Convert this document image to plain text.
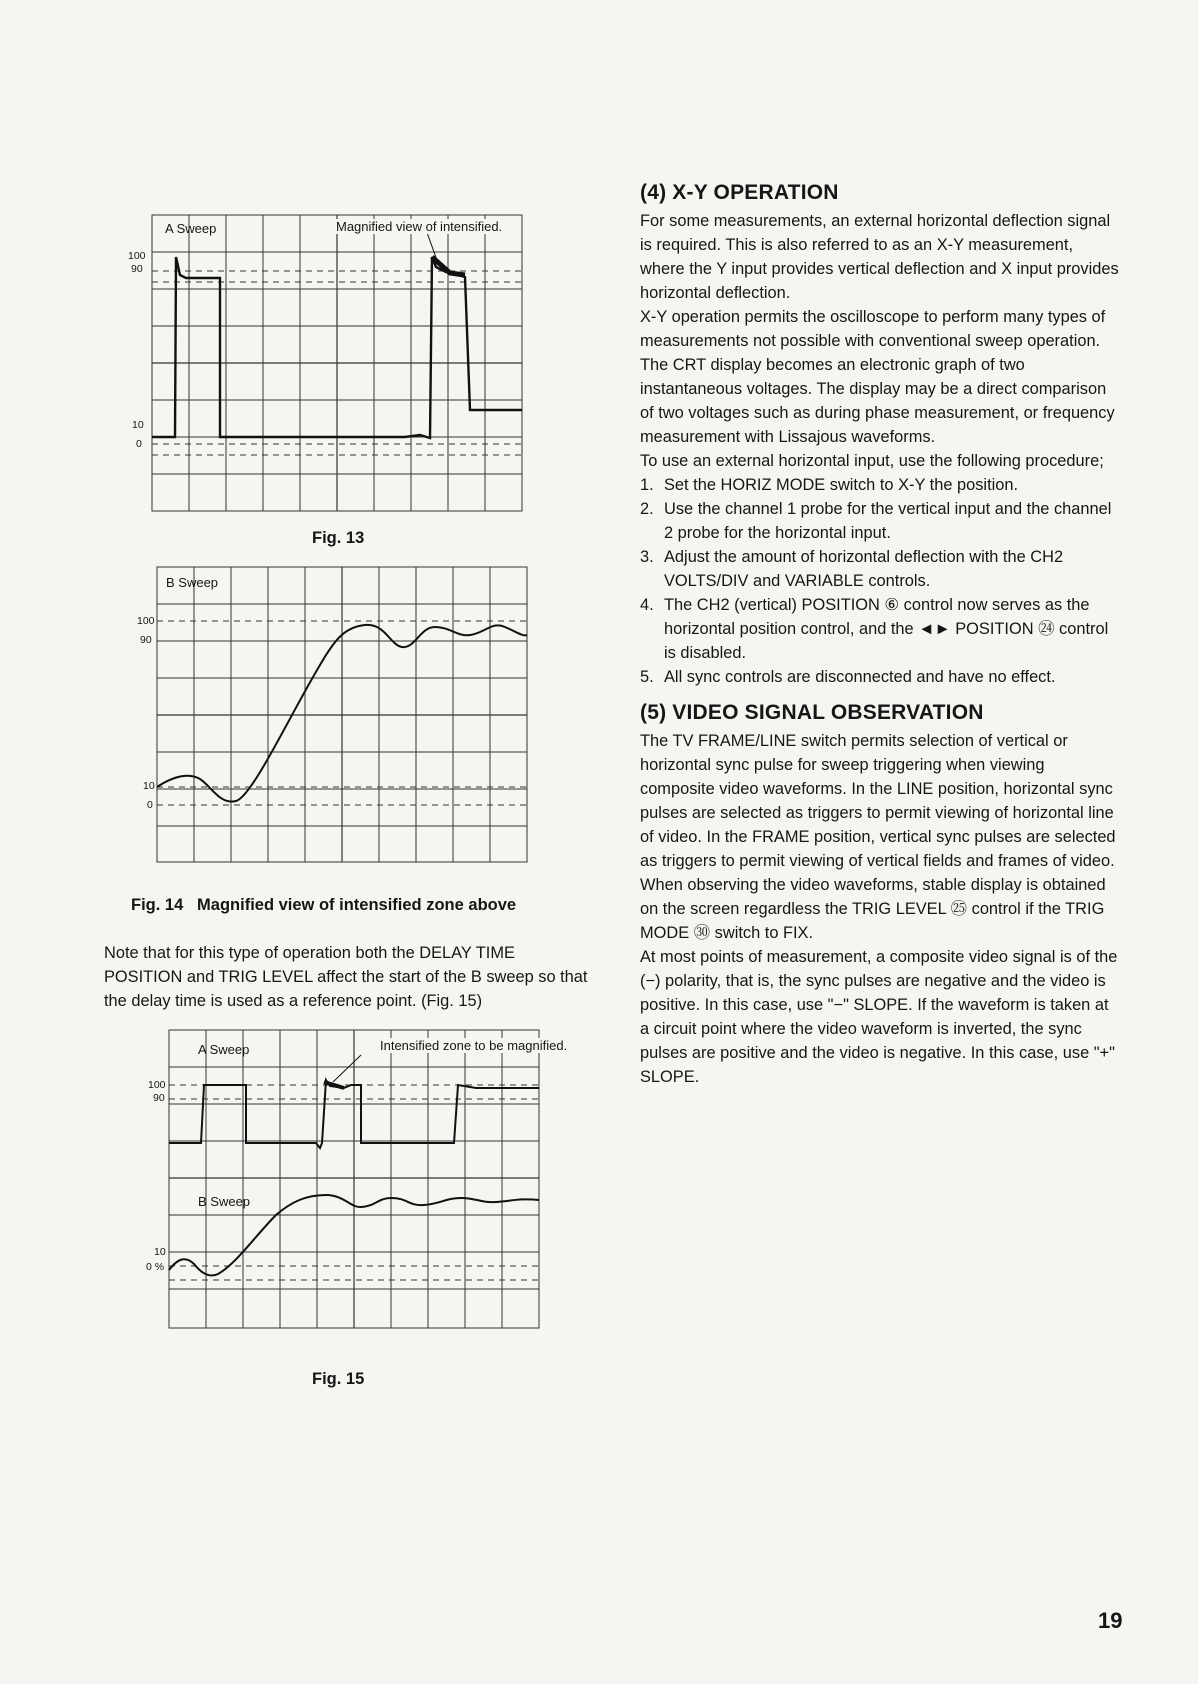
A Sweep	Magnified view of intensified.
100
90
10
0
Fig. 13
B Sweep
100
90
10
0
Fig. 14 Magnified view of intensified zone above
Note that for this type of operation both the DELAY TIME POSITION and TRIG LEVEL affect the start of the B sweep so that the delay time is used as a reference point. (Fig. 15)
A Sweep	Intensified zone to be magnified.
B Sweep
100
90
10
0 %
Fig. 15
(4) X-Y OPERATION
For some measurements, an external horizontal deflection signal is required. This is also referred to as an X-Y measurement, where the Y input provides vertical deflection and X input provides horizontal deflection.
X-Y operation permits the oscilloscope to perform many types of measurements not possible with conventional sweep operation. The CRT display becomes an electronic graph of two instantaneous voltages. The display may be a direct comparison of two voltages such as during phase measurement, or frequency measurement with Lissajous waveforms.
To use an external horizontal input, use the following procedure;
1. Set the HORIZ MODE switch to X-Y the position.
2. Use the channel 1 probe for the vertical input and the channel 2 probe for the horizontal input.
3. Adjust the amount of horizontal deflection with the CH2 VOLTS/DIV and VARIABLE controls.
4. The CH2 (vertical) POSITION ⑥ control now serves as the horizontal position control, and the ◄► POSITION ㉔ control is disabled.
5. All sync controls are disconnected and have no effect.
(5) VIDEO SIGNAL OBSERVATION
The TV FRAME/LINE switch permits selection of vertical or horizontal sync pulse for sweep triggering when viewing composite video waveforms. In the LINE position, horizontal sync pulses are selected as triggers to permit viewing of horizontal line of video. In the FRAME position, vertical sync pulses are selected as triggers to permit viewing of vertical fields and frames of video. When observing the video waveforms, stable display is obtained on the screen regardless the TRIG LEVEL ㉕ control if the TRIG MODE ㉚ switch to FIX.
At most points of measurement, a composite video signal is of the (−) polarity, that is, the sync pulses are negative and the video is positive. In this case, use "−" SLOPE. If the waveform is taken at a circuit point where the video waveform is inverted, the sync pulses are positive and the video is negative. In this case, use "+" SLOPE.
19
